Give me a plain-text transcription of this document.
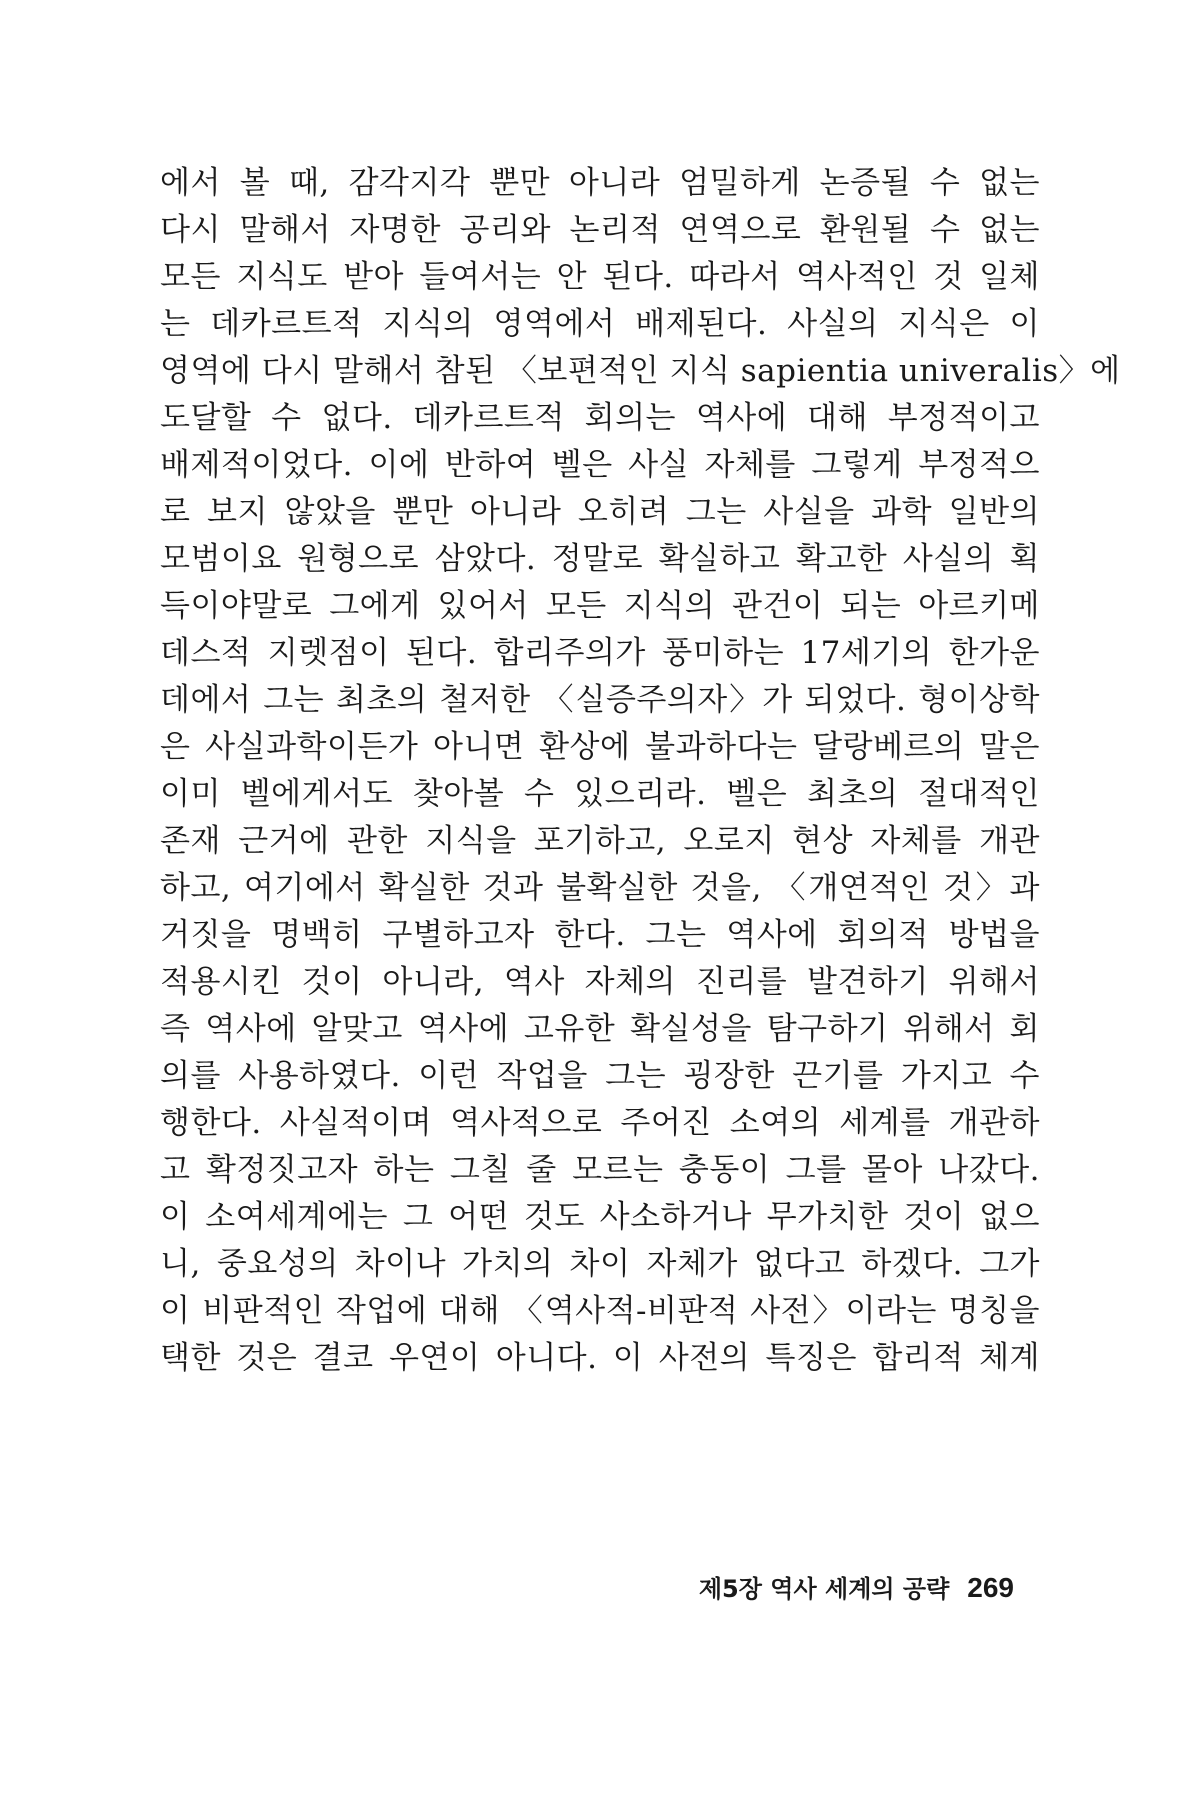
에서 볼 때, 감각지각 뿐만 아니라 엄밀하게 논증될 수 없는
다시 말해서 자명한 공리와 논리적 연역으로 환원될 수 없는
모든 지식도 받아 들여서는 안 된다. 따라서 역사적인 것 일체
는 데카르트적 지식의 영역에서 배제된다. 사실의 지식은 이
영역에 다시 말해서 참된 〈보편적인 지식 sapientia univeralis〉에
도달할 수 없다. 데카르트적 회의는 역사에 대해 부정적이고
배제적이었다. 이에 반하여 벨은 사실 자체를 그렇게 부정적으
로 보지 않았을 뿐만 아니라 오히려 그는 사실을 과학 일반의
모범이요 원형으로 삼았다. 정말로 확실하고 확고한 사실의 획
득이야말로 그에게 있어서 모든 지식의 관건이 되는 아르키메
데스적 지렛점이 된다. 합리주의가 풍미하는 17세기의 한가운
데에서 그는 최초의 철저한 〈실증주의자〉가 되었다. 형이상학
은 사실과학이든가 아니면 환상에 불과하다는 달랑베르의 말은
이미 벨에게서도 찾아볼 수 있으리라. 벨은 최초의 절대적인
존재 근거에 관한 지식을 포기하고, 오로지 현상 자체를 개관
하고, 여기에서 확실한 것과 불확실한 것을, 〈개연적인 것〉과
거짓을 명백히 구별하고자 한다. 그는 역사에 회의적 방법을
적용시킨 것이 아니라, 역사 자체의 진리를 발견하기 위해서
즉 역사에 알맞고 역사에 고유한 확실성을 탐구하기 위해서 회
의를 사용하였다. 이런 작업을 그는 굉장한 끈기를 가지고 수
행한다. 사실적이며 역사적으로 주어진 소여의 세계를 개관하
고 확정짓고자 하는 그칠 줄 모르는 충동이 그를 몰아 나갔다.
이 소여세계에는 그 어떤 것도 사소하거나 무가치한 것이 없으
니, 중요성의 차이나 가치의 차이 자체가 없다고 하겠다. 그가
이 비판적인 작업에 대해 〈역사적-비판적 사전〉이라는 명칭을
택한 것은 결코 우연이 아니다. 이 사전의 특징은 합리적 체계
제5장 역사 세계의 공략 269
